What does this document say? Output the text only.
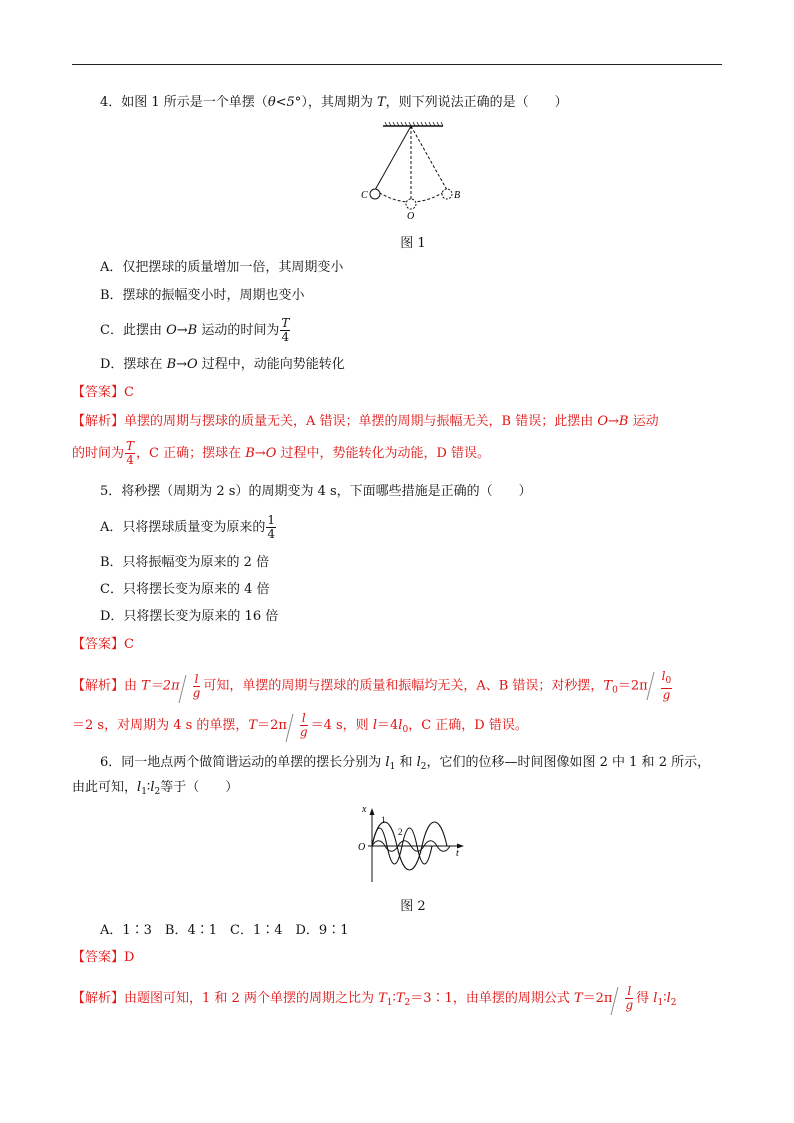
4．如图 1 所示是一个单摆（θ<5°），其周期为 T，则下列说法正确的是（　　）
C
O
B
图 1
A．仅把摆球的质量增加一倍，其周期变小
B．摆球的振幅变小时，周期也变小
C．此摆由 O→B 运动的时间为 $\frac{T}{4}$
D．摆球在 B→O 过程中，动能向势能转化
【答案】C
【解析】单摆的周期与摆球的质量无关，A 错误；单摆的周期与振幅无关，B 错误；此摆由 O→B 运动
的时间为 $\frac{T}{4}$ ，C 正确；摆球在 B→O 过程中，势能转化为动能，D 错误。
5．将秒摆（周期为 2 s）的周期变为 4 s，下面哪些措施是正确的（　　）
A．只将摆球质量变为原来的 $\frac{1}{4}$
B．只将振幅变为原来的 2 倍
C．只将摆长变为原来的 4 倍
D．只将摆长变为原来的 16 倍
【答案】C
【解析】由 $T=2\pi \frac{l}{g}$ 可知，单摆的周期与摆球的质量和振幅均无关，A、B 错误；对秒摆，$T_0=2\pi \frac{l_0}{g}$
＝2 s，对周期为 4 s 的单摆，$T=2\pi \frac{l}{g} =4$ s，则 $l=4l_0$，C 正确，D 错误。
6．同一地点两个做简谐运动的单摆的摆长分别为 $l_1$ 和 $l_2$，它们的位移—时间图像如图 2 中 1 和 2 所示，
由此可知，$l_1∶l_2$等于（　　）
x
O
t
1
2
图 2
A．1∶3　B．4∶1　C．1∶4　D．9∶1
【答案】D
【解析】由题图可知，1 和 2 两个单摆的周期之比为 $T_1∶T_2=3∶1$，由单摆的周期公式 $T=2\pi \frac{l}{g}$ 得 $l_1∶l_2$
